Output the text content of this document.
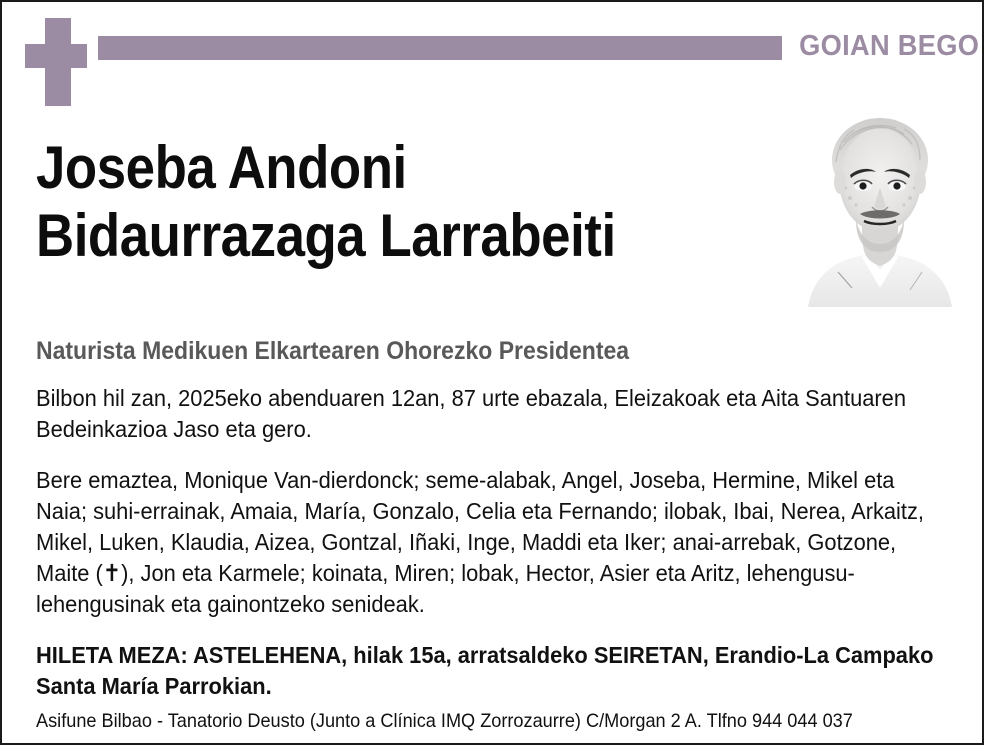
GOIAN BEGO
Joseba Andoni
Bidaurrazaga Larrabeiti
Naturista Medikuen Elkartearen Ohorezko Presidentea
Bilbon hil zan, 2025eko abenduaren 12an, 87 urte ebazala, Eleizakoak eta Aita Santuaren Bedeinkazioa Jaso eta gero.
Bere emaztea, Monique Van-dierdonck; seme-alabak, Angel, Joseba, Hermine, Mikel eta Naia; suhi-errainak, Amaia, María, Gonzalo, Celia eta Fernando; ilobak, Ibai, Nerea, Arkaitz, Mikel, Luken, Klaudia, Aizea, Gontzal, Iñaki, Inge, Maddi eta Iker; anai-arrebak, Gotzone, Maite (✝), Jon eta Karmele; koinata, Miren; lobak, Hector, Asier eta Aritz, lehengusu-lehengusinak eta gainontzeko senideak.
HILETA MEZA: ASTELEHENA, hilak 15a, arratsaldeko SEIRETAN, Erandio-La Campako Santa María Parrokian.
Asifune Bilbao - Tanatorio Deusto (Junto a Clínica IMQ Zorrozaurre) C/Morgan 2 A. Tlfno 944 044 037
